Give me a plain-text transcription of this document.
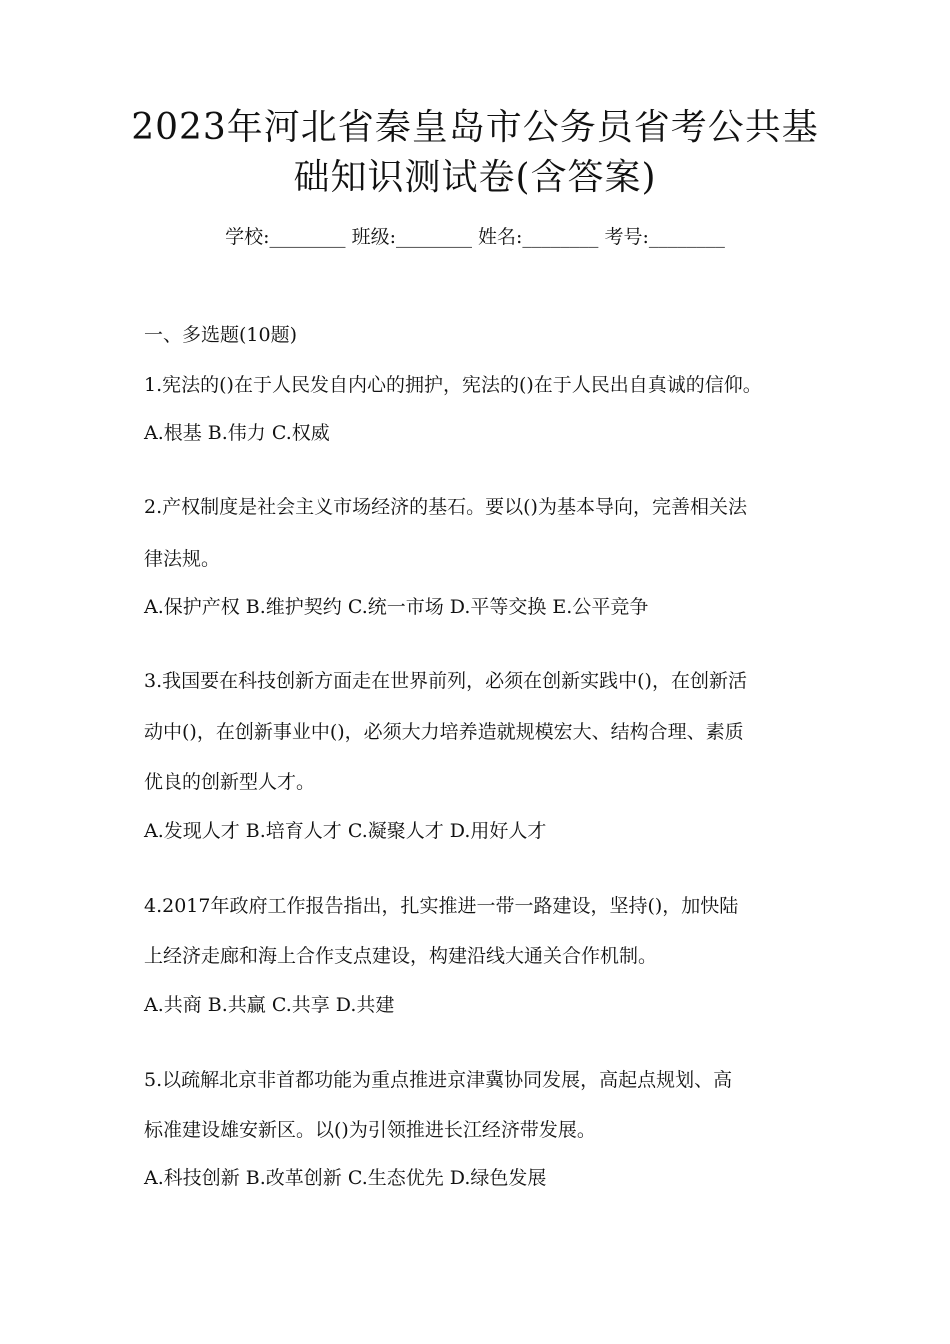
2023年河北省秦皇岛市公务员省考公共基
础知识测试卷(含答案)
学校:________ 班级:________ 姓名:________ 考号:________
一、多选题(10题)
1.宪法的()在于人民发自内心的拥护，宪法的()在于人民出自真诚的信仰。
A.根基 B.伟力 C.权威
2.产权制度是社会主义市场经济的基石。要以()为基本导向，完善相关法
律法规。
A.保护产权 B.维护契约 C.统一市场 D.平等交换 E.公平竞争
3.我国要在科技创新方面走在世界前列，必须在创新实践中()，在创新活
动中()，在创新事业中()，必须大力培养造就规模宏大、结构合理、素质
优良的创新型人才。
A.发现人才 B.培育人才 C.凝聚人才 D.用好人才
4.2017年政府工作报告指出，扎实推进一带一路建设，坚持()，加快陆
上经济走廊和海上合作支点建设，构建沿线大通关合作机制。
A.共商 B.共赢 C.共享 D.共建
5.以疏解北京非首都功能为重点推进京津冀协同发展，高起点规划、高
标准建设雄安新区。以()为引领推进长江经济带发展。
A.科技创新 B.改革创新 C.生态优先 D.绿色发展
